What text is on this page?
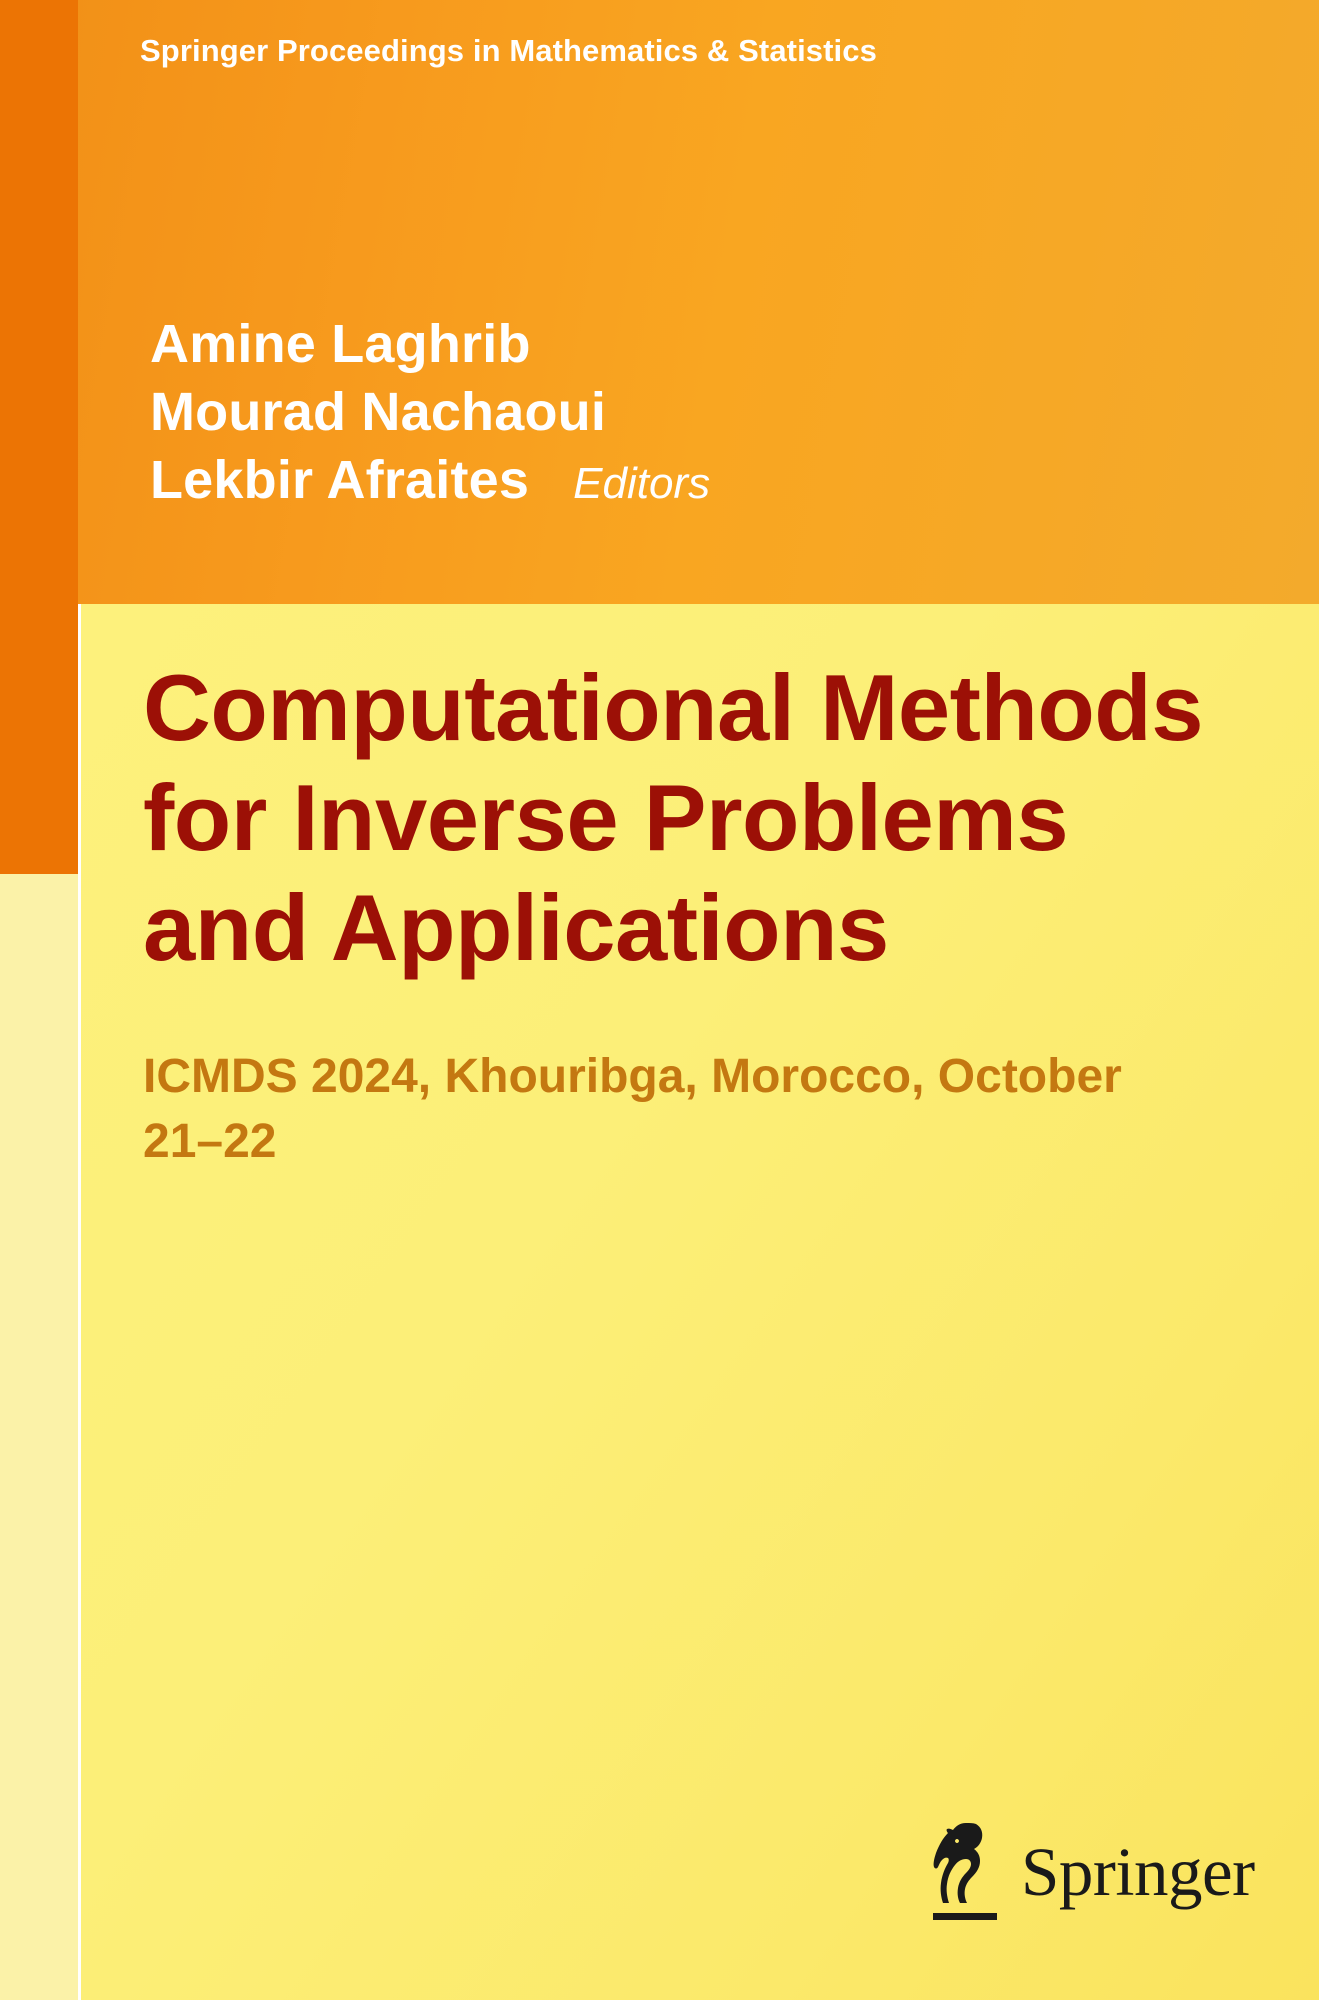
Springer Proceedings in Mathematics & Statistics
Amine Laghrib
Mourad Nachaoui
Lekbir Afraites Editors
Computational Methods for Inverse Problems and Applications
ICMDS 2024, Khouribga, Morocco, October 21–22
Springer
